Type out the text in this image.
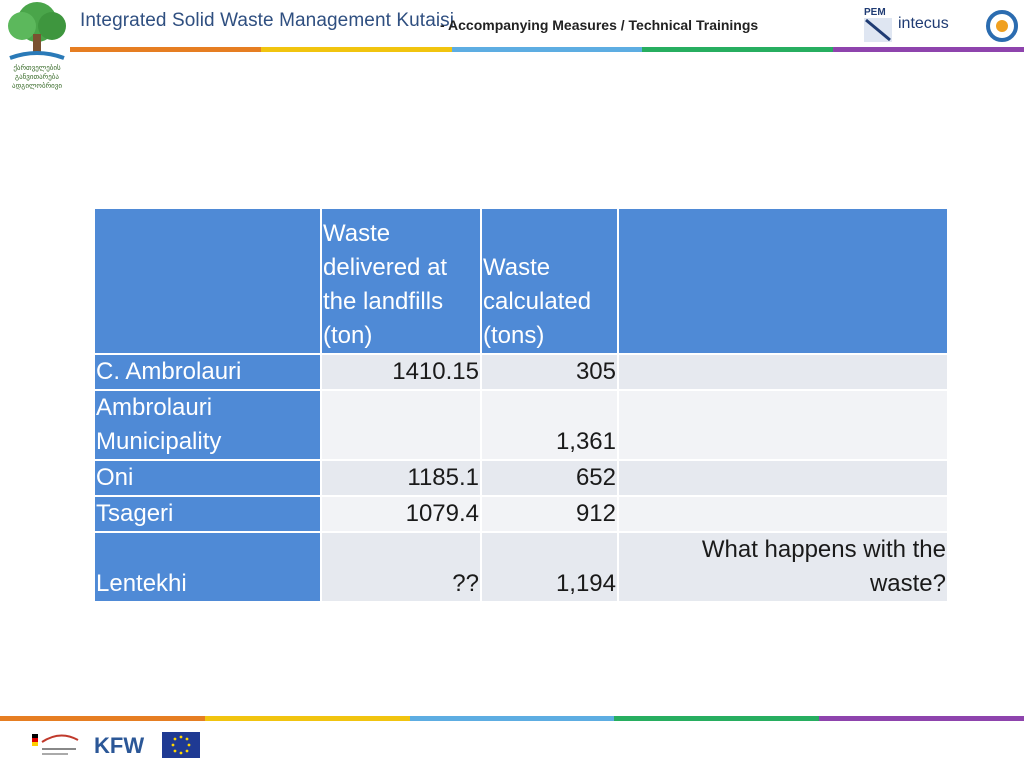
ქართველების განვითარება ადგილობრივი
Integrated Solid Waste Management Kutaisi
- Accompanying Measures / Technical Trainings
PEM
intecus
	Waste delivered at the landfills (ton)	Waste calculated (tons)	
C. Ambrolauri	1410.15	305	
Ambrolauri Municipality		1,361	
Oni	1185.1	652	
Tsageri	1079.4	912	
Lentekhi	??	1,194	What happens with the waste?
KFW
